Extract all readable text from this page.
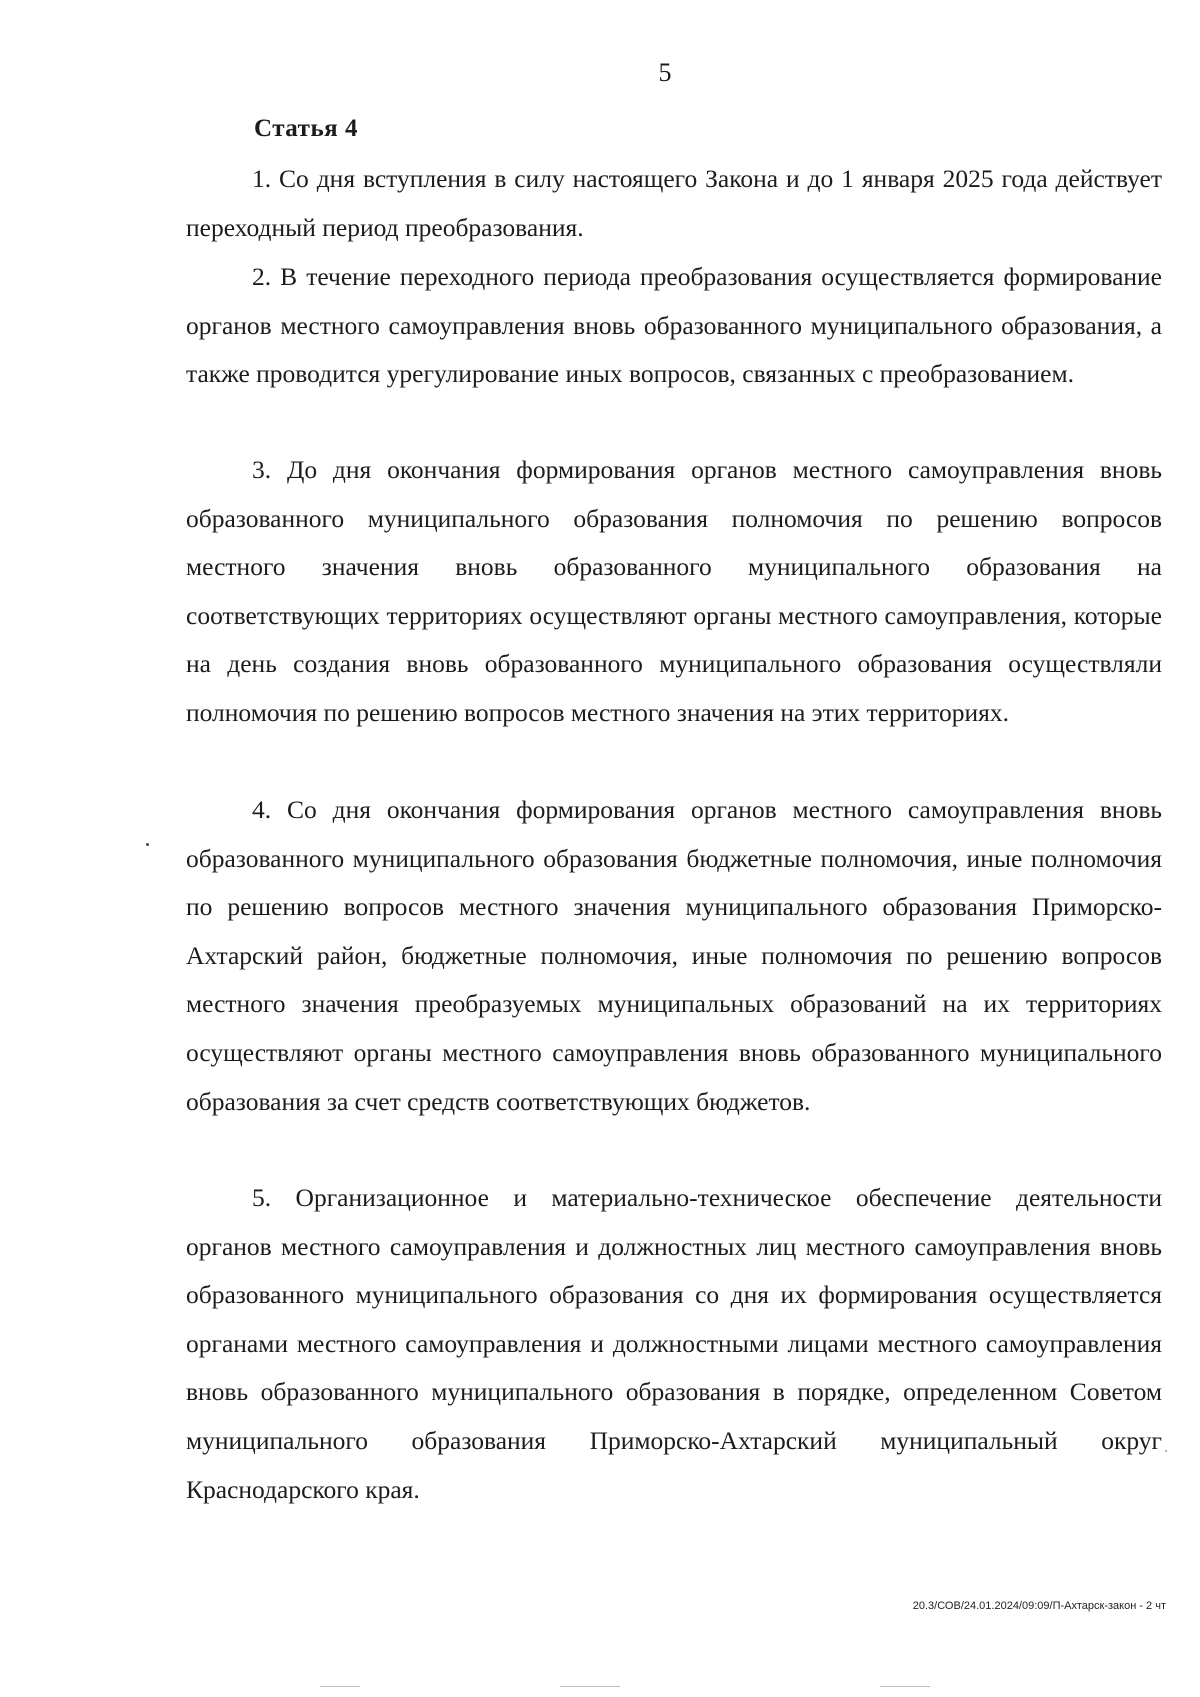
5
Статья 4

1. Со дня вступления в силу настоящего Закона и до 1 января 2025 года действует переходный период преобразования.

2. В течение переходного периода преобразования осуществляется формирование органов местного самоуправления вновь образованного муниципального образования, а также проводится урегулирование иных вопросов, связанных с преобразованием.

3. До дня окончания формирования органов местного самоуправления вновь образованного муниципального образования полномочия по решению вопросов местного значения вновь образованного муниципального образования на соответствующих территориях осуществляют органы местного самоуправления, которые на день создания вновь образованного муниципального образования осуществляли полномочия по решению вопросов местного значения на этих территориях.

4. Со дня окончания формирования органов местного самоуправления вновь образованного муниципального образования бюджетные полномочия, иные полномочия по решению вопросов местного значения муниципального образования Приморско-Ахтарский район, бюджетные полномочия, иные полномочия по решению вопросов местного значения преобразуемых муниципальных образований на их территориях осуществляют органы местного самоуправления вновь образованного муниципального образования за счет средств соответствующих бюджетов.

5. Организационное и материально-техническое обеспечение деятельности органов местного самоуправления и должностных лиц местного самоуправления вновь образованного муниципального образования со дня их формирования осуществляется органами местного самоуправления и должностными лицами местного самоуправления вновь образованного муниципального образования в порядке, определенном Советом муниципального образования Приморско-Ахтарский муниципальный округ Краснодарского края.

20.3/СОВ/24.01.2024/09:09/П-Ахтарск-закон - 2 чт
